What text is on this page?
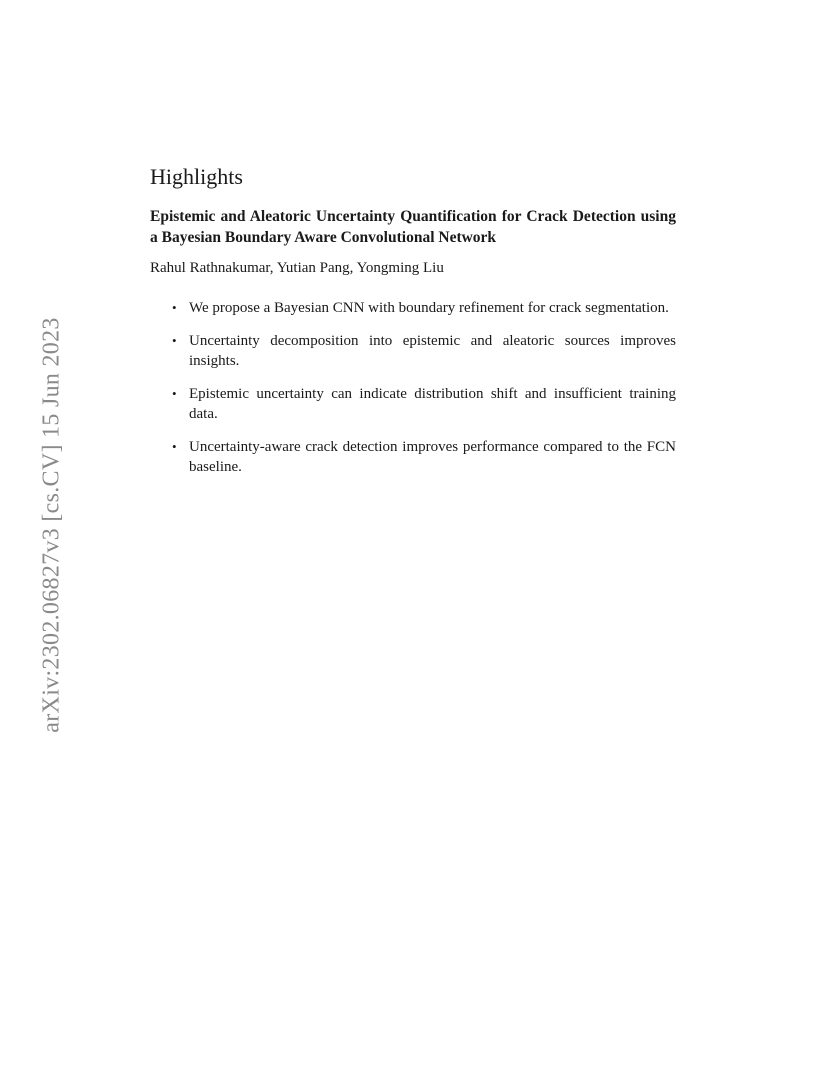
arXiv:2302.06827v3 [cs.CV] 15 Jun 2023
Highlights
Epistemic and Aleatoric Uncertainty Quantification for Crack Detection using a Bayesian Boundary Aware Convolutional Network
Rahul Rathnakumar, Yutian Pang, Yongming Liu
• We propose a Bayesian CNN with boundary refinement for crack segmentation.
• Uncertainty decomposition into epistemic and aleatoric sources improves insights.
• Epistemic uncertainty can indicate distribution shift and insufficient training data.
• Uncertainty-aware crack detection improves performance compared to the FCN baseline.
